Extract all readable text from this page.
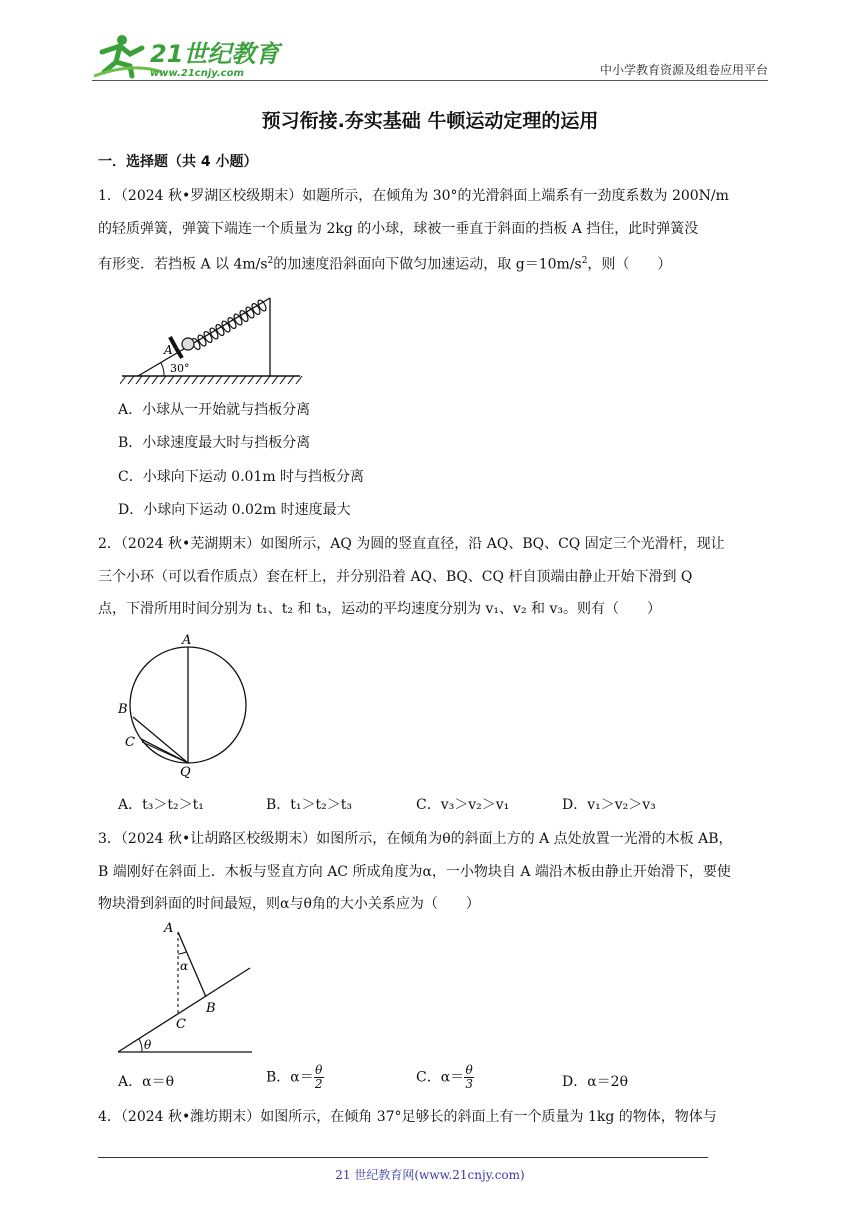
21世纪教育
www.21cnjy.com	中小学教育资源及组卷应用平台
预习衔接.夯实基础 牛顿运动定理的运用
一．选择题（共 4 小题）
1．（2024 秋•罗湖区校级期末）如题所示，在倾角为 30°的光滑斜面上端系有一劲度系数为 200N/m
的轻质弹簧，弹簧下端连一个质量为 2kg 的小球，球被一垂直于斜面的挡板 A 挡住，此时弹簧没
有形变．若挡板 A 以 $4m/s^2$的加速度沿斜面向下做匀加速运动，取 $g=10m/s^2$，则（　　）
A
30°
A．小球从一开始就与挡板分离
B．小球速度最大时与挡板分离
C．小球向下运动 0.01m 时与挡板分离
D．小球向下运动 0.02m 时速度最大
2．（2024 秋•芜湖期末）如图所示，AQ 为圆的竖直直径，沿 AQ、BQ、CQ 固定三个光滑杆，现让
三个小环（可以看作质点）套在杆上，并分别沿着 AQ、BQ、CQ 杆自顶端由静止开始下滑到 Q
点，下滑所用时间分别为 t₁、t₂ 和 t₃，运动的平均速度分别为 v₁、v₂ 和 v₃。则有（　　）
A
B
C
Q
A．t₃＞t₂＞t₁	B．t₁＞t₂＞t₃	C．v₃＞v₂＞v₁	D．v₁＞v₂＞v₃
3．（2024 秋•让胡路区校级期末）如图所示，在倾角为θ的斜面上方的 A 点处放置一光滑的木板 AB，
B 端刚好在斜面上．木板与竖直方向 AC 所成角度为α，一小物块自 A 端沿木板由静止开始滑下，要使
物块滑到斜面的时间最短，则α与θ角的大小关系应为（　　）
A
α
B
C
θ
A．α＝θ	B．$\alpha= \frac{\theta}{2}$	C．$\alpha= \frac{\theta}{3}$	D．α＝2θ
4．（2024 秋•潍坊期末）如图所示，在倾角 37°足够长的斜面上有一个质量为 1kg 的物体，物体与
21 世纪教育网(www.21cnjy.com)
